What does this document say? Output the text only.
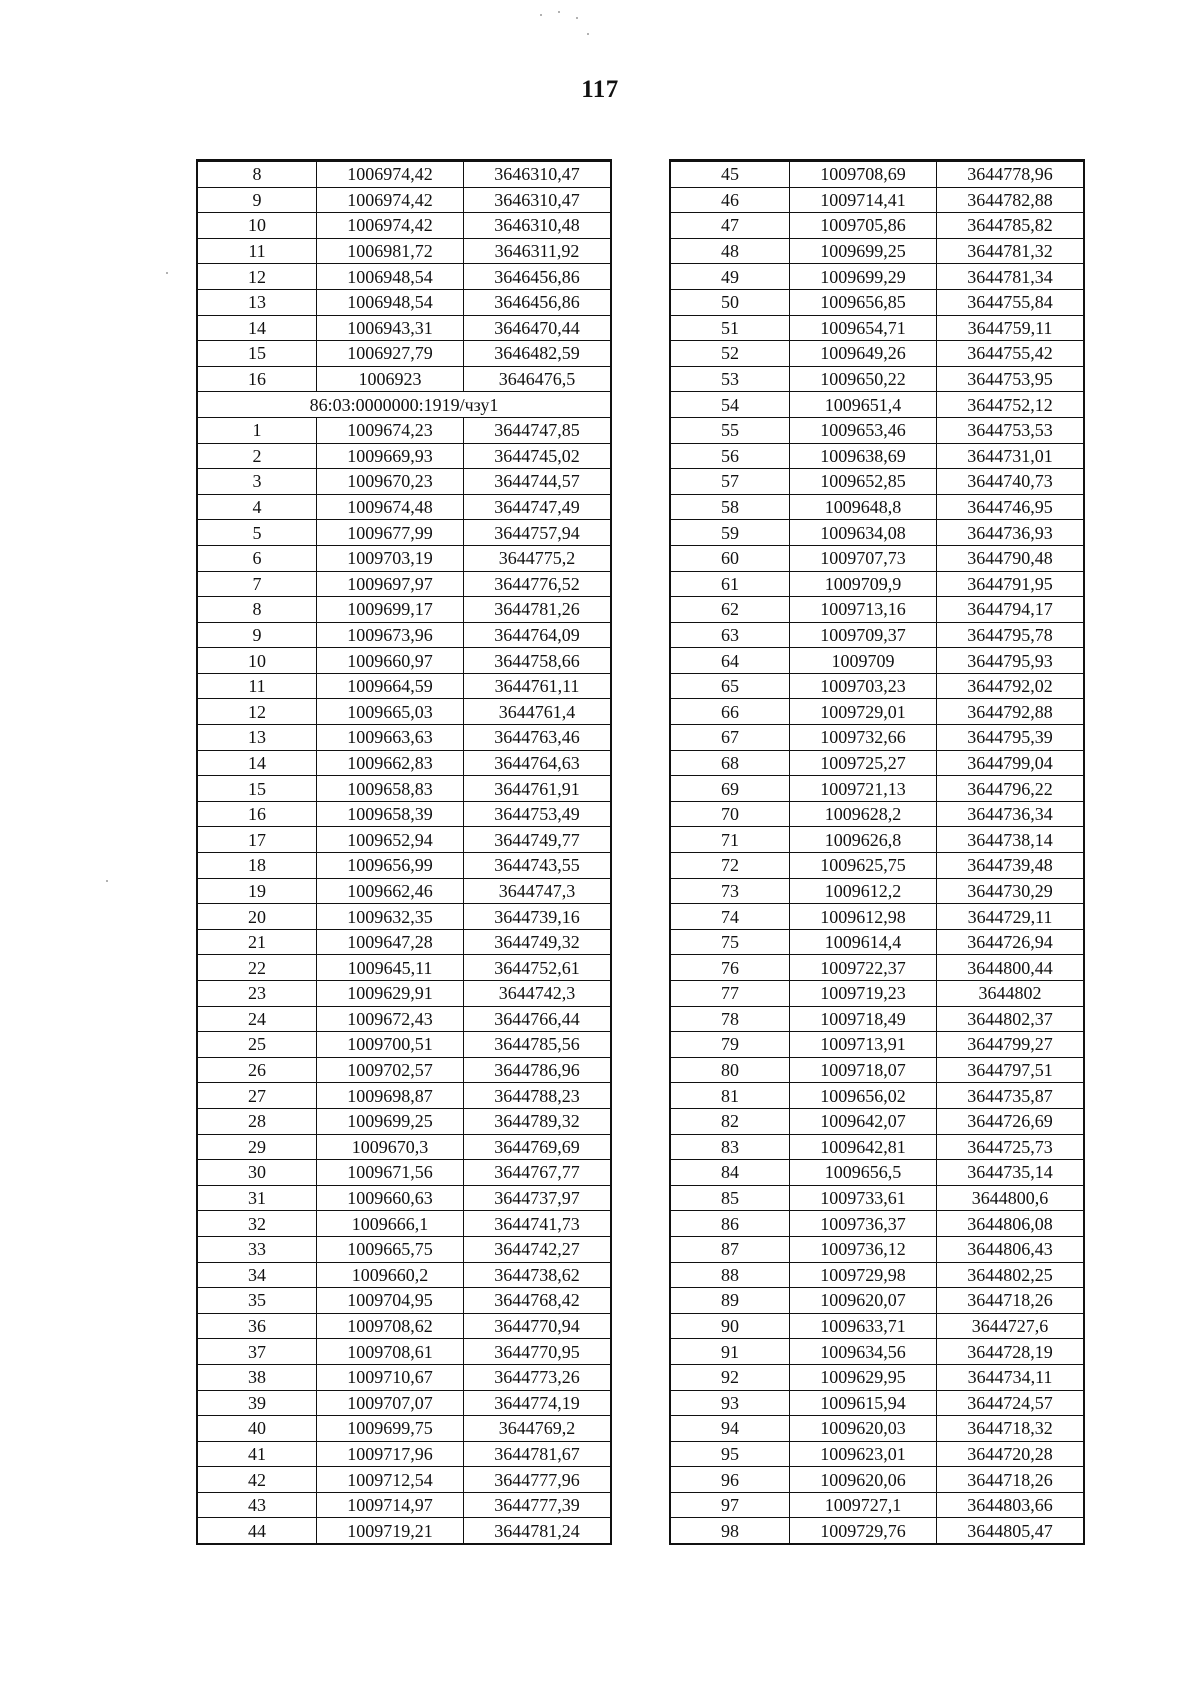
117
8	1006974,42	3646310,47
9	1006974,42	3646310,47
10	1006974,42	3646310,48
11	1006981,72	3646311,92
12	1006948,54	3646456,86
13	1006948,54	3646456,86
14	1006943,31	3646470,44
15	1006927,79	3646482,59
16	1006923	3646476,5
86:03:0000000:1919/чзу1		
1	1009674,23	3644747,85
2	1009669,93	3644745,02
3	1009670,23	3644744,57
4	1009674,48	3644747,49
5	1009677,99	3644757,94
6	1009703,19	3644775,2
7	1009697,97	3644776,52
8	1009699,17	3644781,26
9	1009673,96	3644764,09
10	1009660,97	3644758,66
11	1009664,59	3644761,11
12	1009665,03	3644761,4
13	1009663,63	3644763,46
14	1009662,83	3644764,63
15	1009658,83	3644761,91
16	1009658,39	3644753,49
17	1009652,94	3644749,77
18	1009656,99	3644743,55
19	1009662,46	3644747,3
20	1009632,35	3644739,16
21	1009647,28	3644749,32
22	1009645,11	3644752,61
23	1009629,91	3644742,3
24	1009672,43	3644766,44
25	1009700,51	3644785,56
26	1009702,57	3644786,96
27	1009698,87	3644788,23
28	1009699,25	3644789,32
29	1009670,3	3644769,69
30	1009671,56	3644767,77
31	1009660,63	3644737,97
32	1009666,1	3644741,73
33	1009665,75	3644742,27
34	1009660,2	3644738,62
35	1009704,95	3644768,42
36	1009708,62	3644770,94
37	1009708,61	3644770,95
38	1009710,67	3644773,26
39	1009707,07	3644774,19
40	1009699,75	3644769,2
41	1009717,96	3644781,67
42	1009712,54	3644777,96
43	1009714,97	3644777,39
44	1009719,21	3644781,24
45	1009708,69	3644778,96
46	1009714,41	3644782,88
47	1009705,86	3644785,82
48	1009699,25	3644781,32
49	1009699,29	3644781,34
50	1009656,85	3644755,84
51	1009654,71	3644759,11
52	1009649,26	3644755,42
53	1009650,22	3644753,95
54	1009651,4	3644752,12
55	1009653,46	3644753,53
56	1009638,69	3644731,01
57	1009652,85	3644740,73
58	1009648,8	3644746,95
59	1009634,08	3644736,93
60	1009707,73	3644790,48
61	1009709,9	3644791,95
62	1009713,16	3644794,17
63	1009709,37	3644795,78
64	1009709	3644795,93
65	1009703,23	3644792,02
66	1009729,01	3644792,88
67	1009732,66	3644795,39
68	1009725,27	3644799,04
69	1009721,13	3644796,22
70	1009628,2	3644736,34
71	1009626,8	3644738,14
72	1009625,75	3644739,48
73	1009612,2	3644730,29
74	1009612,98	3644729,11
75	1009614,4	3644726,94
76	1009722,37	3644800,44
77	1009719,23	3644802
78	1009718,49	3644802,37
79	1009713,91	3644799,27
80	1009718,07	3644797,51
81	1009656,02	3644735,87
82	1009642,07	3644726,69
83	1009642,81	3644725,73
84	1009656,5	3644735,14
85	1009733,61	3644800,6
86	1009736,37	3644806,08
87	1009736,12	3644806,43
88	1009729,98	3644802,25
89	1009620,07	3644718,26
90	1009633,71	3644727,6
91	1009634,56	3644728,19
92	1009629,95	3644734,11
93	1009615,94	3644724,57
94	1009620,03	3644718,32
95	1009623,01	3644720,28
96	1009620,06	3644718,26
97	1009727,1	3644803,66
98	1009729,76	3644805,47
